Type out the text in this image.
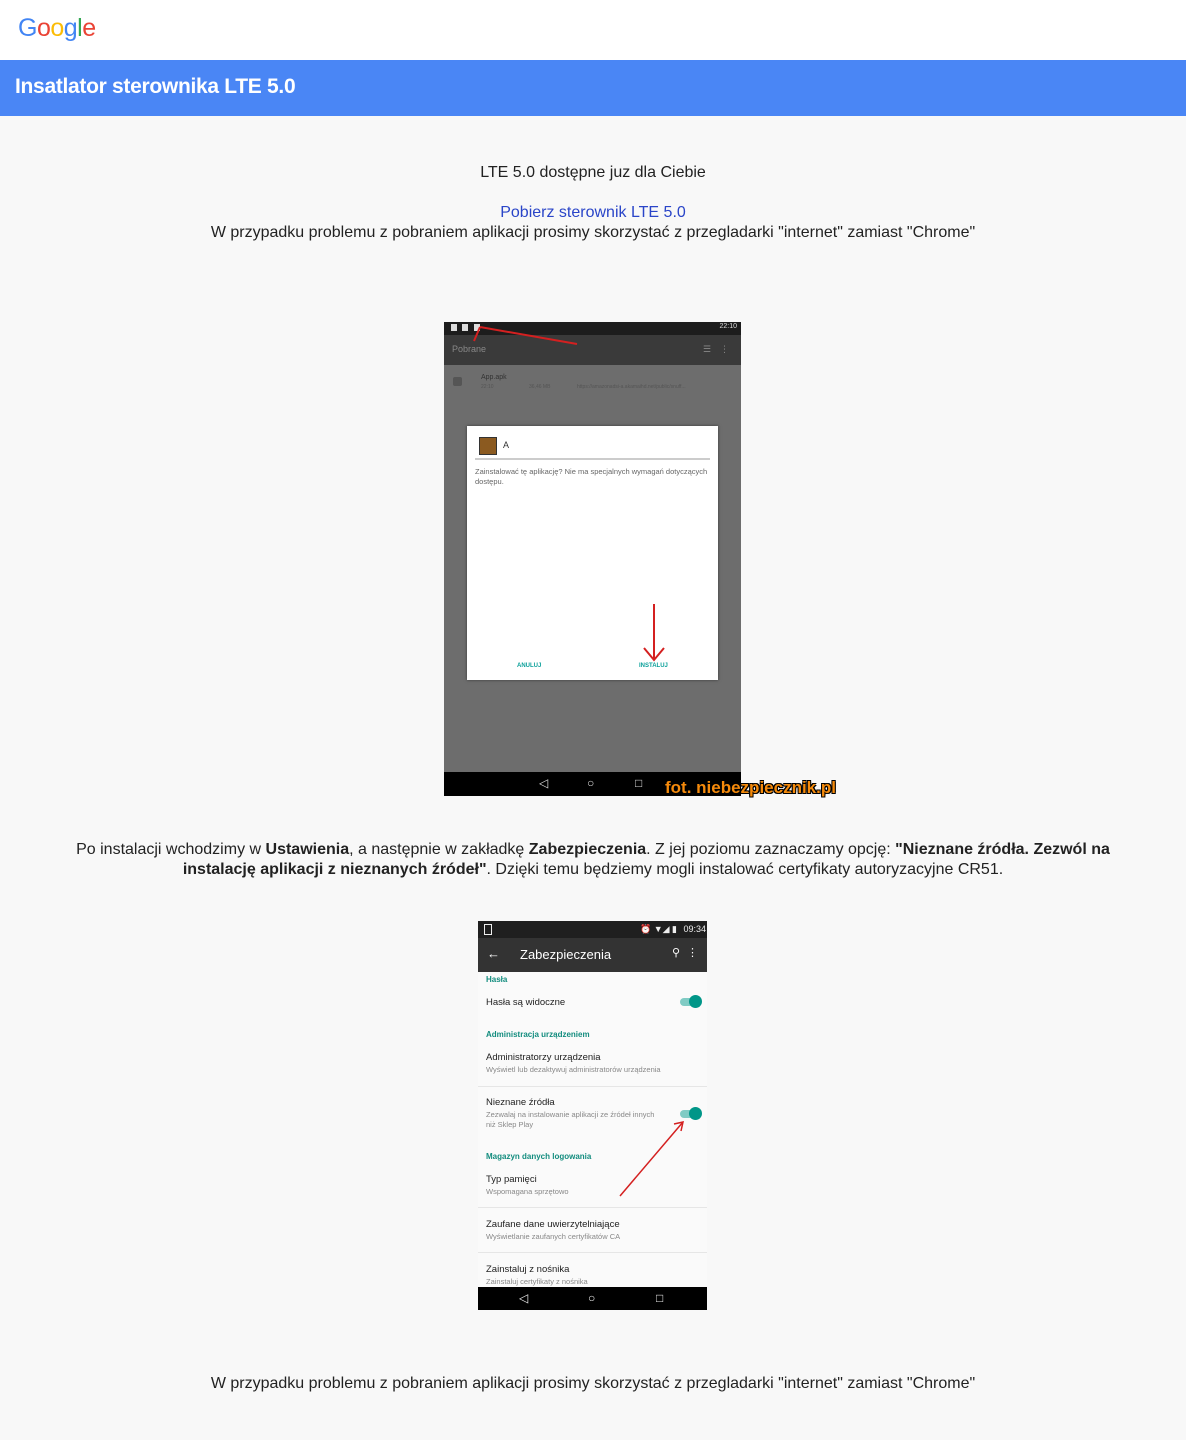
Google
Insatlator sterownika LTE 5.0
LTE 5.0 dostępne juz dla Ciebie
Pobierz sterownik LTE 5.0
W przypadku problemu z pobraniem aplikacji prosimy skorzystać z przegladarki "internet" zamiast "Chrome"
22:10
Pobrane	☰ ⋮
App.apk
22:10	36,46 MB	https://amazonadsi-a.akamaihd.net/public/snuff...
A
Zainstalować tę aplikację? Nie ma specjalnych wymagań dotyczących dostępu.
ANULUJ	INSTALUJ
◁	○	□ fot. niebezpiecznik.pl
Po instalacji wchodzimy w Ustawienia, a następnie w zakładkę Zabezpieczenia. Z jej poziomu zaznaczamy opcję: "Nieznane źródła. Zezwól na instalację aplikacji z nieznanych źródeł". Dzięki temu będziemy mogli instalować certyfikaty autoryzacyjne CR51.
⏰ ▼◢ ▮ 09:34
← Zabezpieczenia	⚲ ⋮
Hasła
Hasła są widoczne
Administracja urządzeniem
Administratorzy urządzenia
Wyświetl lub dezaktywuj administratorów urządzenia
Nieznane źródła
Zezwalaj na instalowanie aplikacji ze źródeł innych niż Sklep Play
Magazyn danych logowania
Typ pamięci
Wspomagana sprzętowo
Zaufane dane uwierzytelniające
Wyświetlanie zaufanych certyfikatów CA
Zainstaluj z nośnika
Zainstaluj certyfikaty z nośnika
◁	○	□
W przypadku problemu z pobraniem aplikacji prosimy skorzystać z przegladarki "internet" zamiast "Chrome"
